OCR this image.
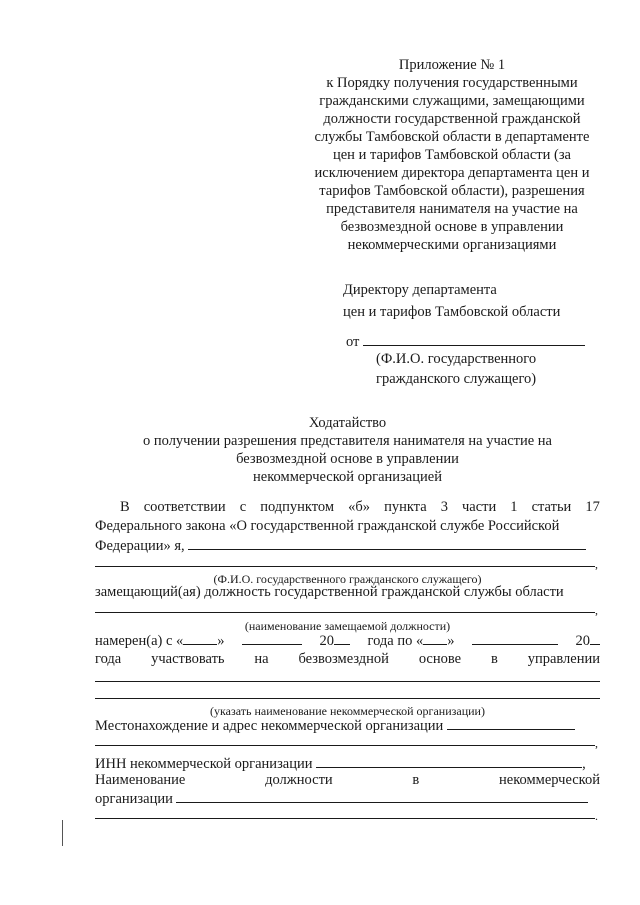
Приложение № 1
к Порядку получения государственными
гражданскими служащими, замещающими
должности государственной гражданской
службы Тамбовской области в департаменте
цен и тарифов Тамбовской области (за
исключением директора департамента цен и
тарифов Тамбовской области), разрешения
представителя нанимателя на участие на
безвозмездной основе в управлении
некоммерческими организациями
Директору департамента
цен и тарифов Тамбовской области
от
(Ф.И.О. государственного
гражданского служащего)
Ходатайство
о получении разрешения представителя нанимателя на участие на
безвозмездной основе в управлении
некоммерческой организацией
В соответствии с подпунктом «б» пункта 3 части 1 статьи 17
Федерального закона «О государственной гражданской службе Российской
Федерации» я,
,
(Ф.И.О. государственного гражданского служащего)
замещающий(ая) должность государственной гражданской службы области
,
(наименование замещаемой должности)
намерен(а) с « »	20	года по « »	20
года участвовать на безвозмездной основе в управлении
(указать наименование некоммерческой организации)
Местонахождение и адрес некоммерческой организации
,
ИНН некоммерческой организации	,
Наименование	должности	в	некоммерческой
организации
.
